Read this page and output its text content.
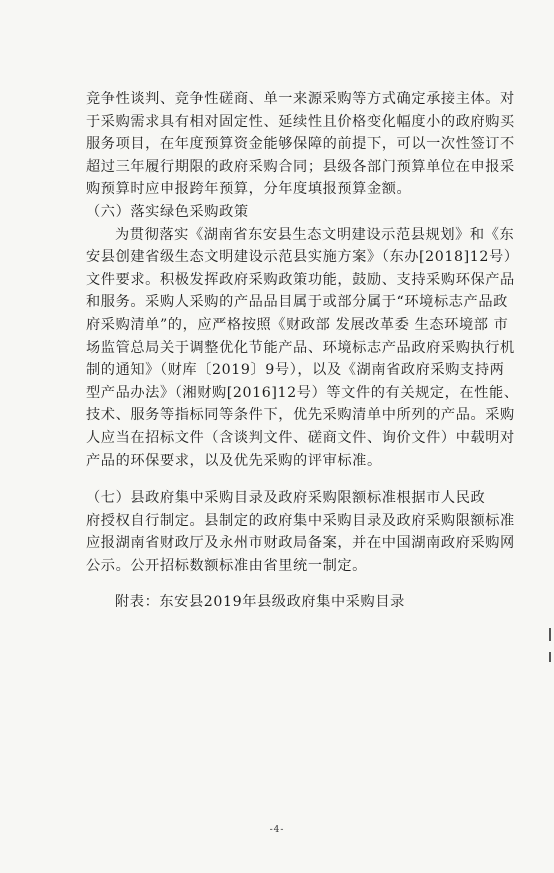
竞争性谈判、竞争性磋商、单一来源采购等方式确定承接主体。对
于采购需求具有相对固定性、延续性且价格变化幅度小的政府购买
服务项目，在年度预算资金能够保障的前提下，可以一次性签订不
超过三年履行期限的政府采购合同；县级各部门预算单位在申报采
购预算时应申报跨年预算，分年度填报预算金额。
（六）落实绿色采购政策
为贯彻落实《湖南省东安县生态文明建设示范县规划》和《东
安县创建省级生态文明建设示范县实施方案》（东办[2018]12号）
文件要求。积极发挥政府采购政策功能，鼓励、支持采购环保产品
和服务。采购人采购的产品品目属于或部分属于“环境标志产品政
府采购清单”的，应严格按照《财政部 发展改革委 生态环境部 市
场监管总局关于调整优化节能产品、环境标志产品政府采购执行机
制的通知》（财库〔2019〕9号），以及《湖南省政府采购支持两
型产品办法》（湘财购[2016]12号）等文件的有关规定，在性能、
技术、服务等指标同等条件下，优先采购清单中所列的产品。采购
人应当在招标文件（含谈判文件、磋商文件、询价文件）中载明对
产品的环保要求，以及优先采购的评审标准。
（七）县政府集中采购目录及政府采购限额标准根据市人民政
府授权自行制定。县制定的政府集中采购目录及政府采购限额标准
应报湖南省财政厅及永州市财政局备案，并在中国湖南政府采购网
公示。公开招标数额标准由省里统一制定。
附表：东安县2019年县级政府集中采购目录
-4-
